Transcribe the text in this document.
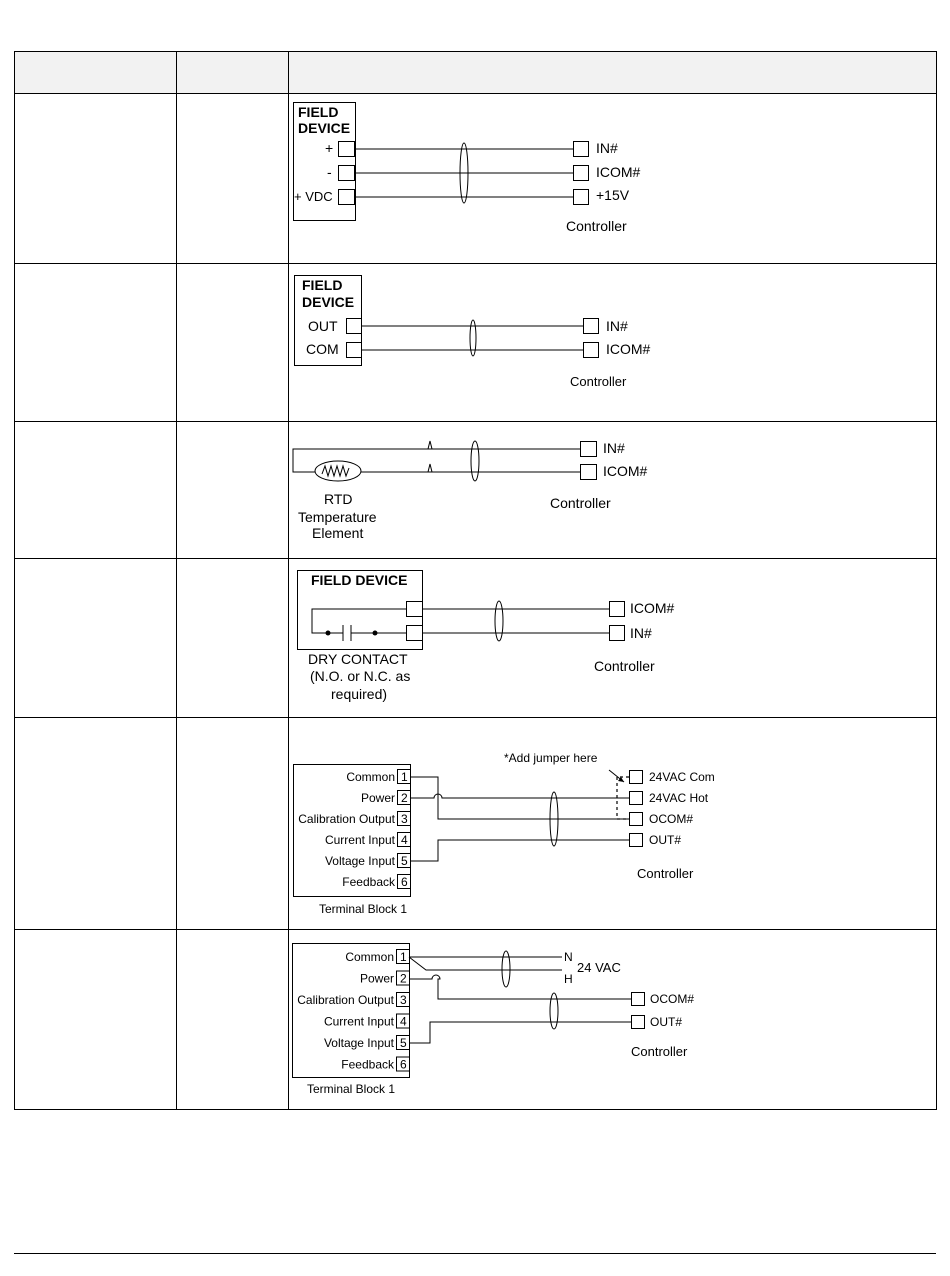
FIELD
DEVICE
+
-
+ VDC
IN#
ICOM#
+15V
Controller
FIELD
DEVICE
OUT
COM
IN#
ICOM#
Controller
IN#
ICOM#
RTD
Temperature
Element
Controller
FIELD DEVICE
ICOM#
IN#
DRY CONTACT
(N.O. or N.C. as
required)
Controller
1
Common
2
Power
3
Calibration Output
4
Current Input
5
Voltage Input
6
Feedback
Terminal Block 1
*Add jumper here
24VAC Com
24VAC Hot
OCOM#
OUT#
Controller
1
Common
2
Power
3
Calibration Output
4
Current Input
5
Voltage Input
6
Feedback
Terminal Block 1
N
H
24 VAC
OCOM#
OUT#
Controller
